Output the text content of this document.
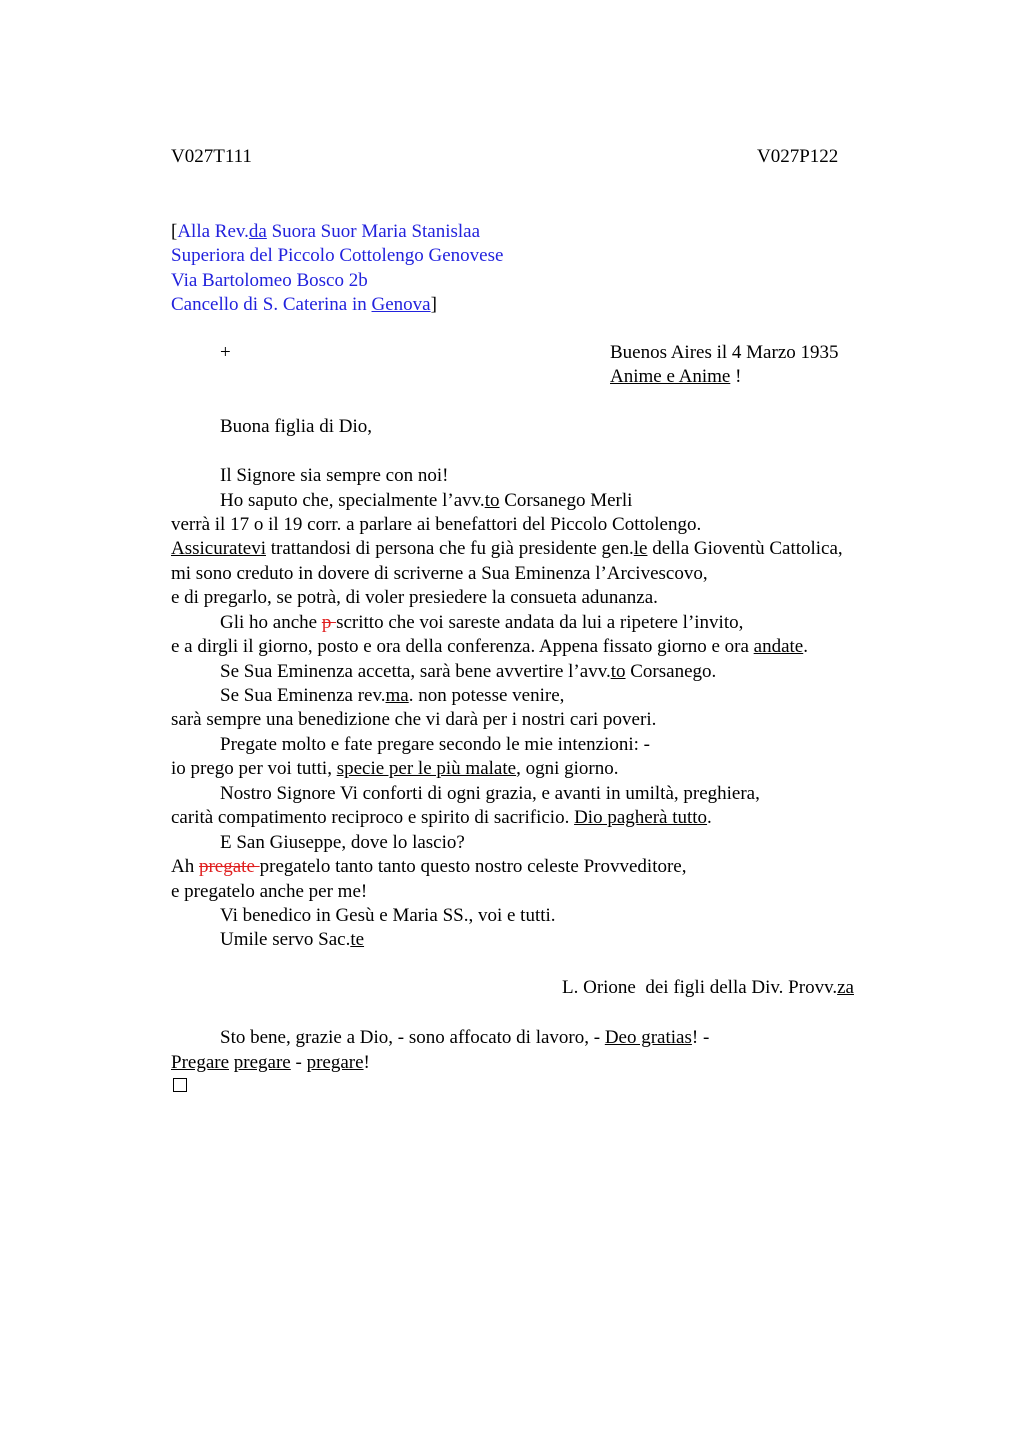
V027T111	V027P122
[Alla Rev.da Suora Suor Maria Stanislaa
Superiora del Piccolo Cottolengo Genovese
Via Bartolomeo Bosco 2b
Cancello di S. Caterina in Genova]
+	Buenos Aires il 4 Marzo 1935
Anime e Anime !
Buona figlia di Dio,
Il Signore sia sempre con noi!
Ho saputo che, specialmente l’avv.to Corsanego Merli
verrà il 17 o il 19 corr. a parlare ai benefattori del Piccolo Cottolengo.
Assicuratevi trattandosi di persona che fu già presidente gen.le della Gioventù Cattolica,
mi sono creduto in dovere di scriverne a Sua Eminenza l’Arcivescovo,
e di pregarlo, se potrà, di voler presiedere la consueta adunanza.
Gli ho anche p scritto che voi sareste andata da lui a ripetere l’invito,
e a dirgli il giorno, posto e ora della conferenza. Appena fissato giorno e ora andate.
Se Sua Eminenza accetta, sarà bene avvertire l’avv.to Corsanego.
Se Sua Eminenza rev.ma. non potesse venire,
sarà sempre una benedizione che vi darà per i nostri cari poveri.
Pregate molto e fate pregare secondo le mie intenzioni: -
io prego per voi tutti, specie per le più malate, ogni giorno.
Nostro Signore Vi conforti di ogni grazia, e avanti in umiltà, preghiera,
carità compatimento reciproco e spirito di sacrificio. Dio pagherà tutto.
E San Giuseppe, dove lo lascio?
Ah pregate pregatelo tanto tanto questo nostro celeste Provveditore,
e pregatelo anche per me!
Vi benedico in Gesù e Maria SS., voi e tutti.
Umile servo Sac.te
L. Orione  dei figli della Div. Provv.za
Sto bene, grazie a Dio, - sono affocato di lavoro, - Deo gratias! -
Pregare pregare - pregare!
